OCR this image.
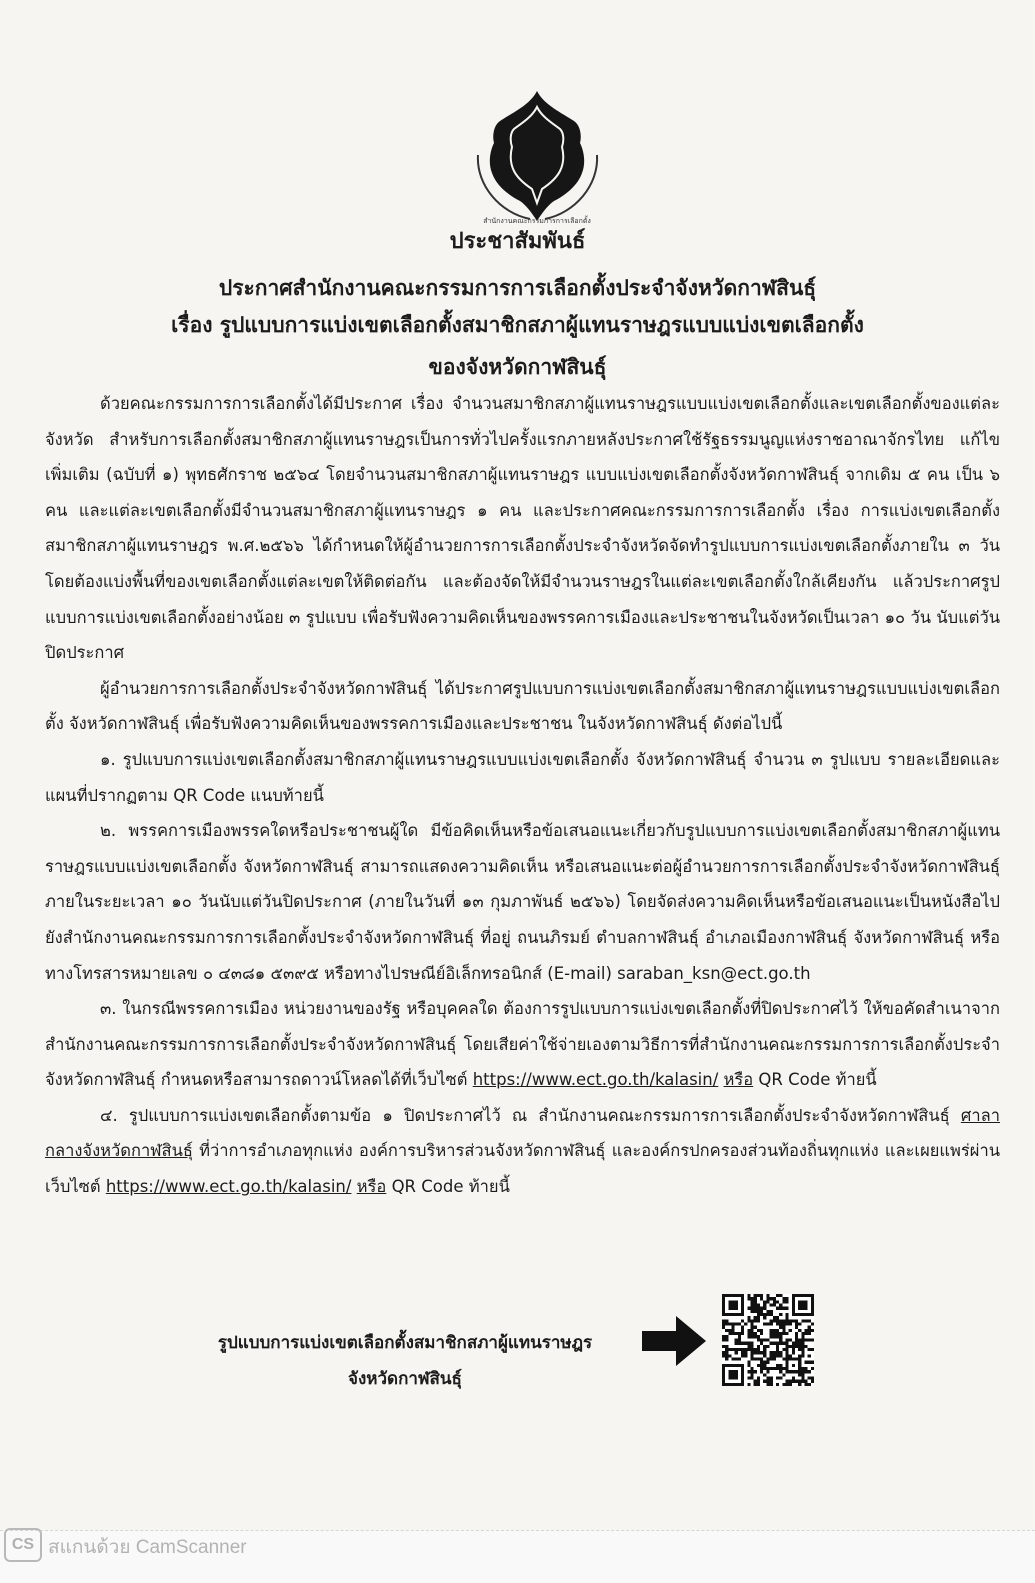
สำนักงานคณะกรรมการการเลือกตั้ง
ประชาสัมพันธ์
ประกาศสำนักงานคณะกรรมการการเลือกตั้งประจำจังหวัดกาฬสินธุ์
เรื่อง รูปแบบการแบ่งเขตเลือกตั้งสมาชิกสภาผู้แทนราษฎรแบบแบ่งเขตเลือกตั้ง
ของจังหวัดกาฬสินธุ์

ด้วยคณะกรรมการการเลือกตั้งได้มีประกาศ เรื่อง จำนวนสมาชิกสภาผู้แทนราษฎรแบบแบ่งเขตเลือกตั้งและเขตเลือกตั้งของแต่ละจังหวัด สำหรับการเลือกตั้งสมาชิกสภาผู้แทนราษฎรเป็นการทั่วไปครั้งแรกภายหลังประกาศใช้รัฐธรรมนูญแห่งราชอาณาจักรไทย แก้ไขเพิ่มเติม (ฉบับที่ ๑) พุทธศักราช ๒๕๖๔ โดยจำนวนสมาชิกสภาผู้แทนราษฎร แบบแบ่งเขตเลือกตั้งจังหวัดกาฬสินธุ์ จากเดิม ๕ คน เป็น ๖ คน และแต่ละเขตเลือกตั้งมีจำนวนสมาชิกสภาผู้แทนราษฎร ๑ คน และประกาศคณะกรรมการการเลือกตั้ง เรื่อง การแบ่งเขตเลือกตั้งสมาชิกสภาผู้แทนราษฎร พ.ศ.๒๕๖๖ ได้กำหนดให้ผู้อำนวยการการเลือกตั้งประจำจังหวัดจัดทำรูปแบบการแบ่งเขตเลือกตั้งภายใน ๓ วัน โดยต้องแบ่งพื้นที่ของเขตเลือกตั้งแต่ละเขตให้ติดต่อกัน และต้องจัดให้มีจำนวนราษฎรในแต่ละเขตเลือกตั้งใกล้เคียงกัน แล้วประกาศรูปแบบการแบ่งเขตเลือกตั้งอย่างน้อย ๓ รูปแบบ เพื่อรับฟังความคิดเห็นของพรรคการเมืองและประชาชนในจังหวัดเป็นเวลา ๑๐ วัน นับแต่วันปิดประกาศ

ผู้อำนวยการการเลือกตั้งประจำจังหวัดกาฬสินธุ์ ได้ประกาศรูปแบบการแบ่งเขตเลือกตั้งสมาชิกสภาผู้แทนราษฎรแบบแบ่งเขตเลือกตั้ง จังหวัดกาฬสินธุ์ เพื่อรับฟังความคิดเห็นของพรรคการเมืองและประชาชน ในจังหวัดกาฬสินธุ์ ดังต่อไปนี้

๑. รูปแบบการแบ่งเขตเลือกตั้งสมาชิกสภาผู้แทนราษฎรแบบแบ่งเขตเลือกตั้ง จังหวัดกาฬสินธุ์ จำนวน ๓ รูปแบบ รายละเอียดและแผนที่ปรากฏตาม QR Code แนบท้ายนี้

๒. พรรคการเมืองพรรคใดหรือประชาชนผู้ใด มีข้อคิดเห็นหรือข้อเสนอแนะเกี่ยวกับรูปแบบการแบ่งเขตเลือกตั้งสมาชิกสภาผู้แทนราษฎรแบบแบ่งเขตเลือกตั้ง จังหวัดกาฬสินธุ์ สามารถแสดงความคิดเห็น หรือเสนอแนะต่อผู้อำนวยการการเลือกตั้งประจำจังหวัดกาฬสินธุ์ ภายในระยะเวลา ๑๐ วันนับแต่วันปิดประกาศ (ภายในวันที่ ๑๓ กุมภาพันธ์ ๒๕๖๖) โดยจัดส่งความคิดเห็นหรือข้อเสนอแนะเป็นหนังสือไปยังสำนักงานคณะกรรมการการเลือกตั้งประจำจังหวัดกาฬสินธุ์ ที่อยู่ ถนนภิรมย์ ตำบลกาฬสินธุ์ อำเภอเมืองกาฬสินธุ์ จังหวัดกาฬสินธุ์ หรือทางโทรสารหมายเลข ๐ ๔๓๘๑ ๕๓๙๕ หรือทางไปรษณีย์อิเล็กทรอนิกส์ (E-mail) saraban_ksn@ect.go.th

๓. ในกรณีพรรคการเมือง หน่วยงานของรัฐ หรือบุคคลใด ต้องการรูปแบบการแบ่งเขตเลือกตั้งที่ปิดประกาศไว้ ให้ขอคัดสำเนาจากสำนักงานคณะกรรมการการเลือกตั้งประจำจังหวัดกาฬสินธุ์ โดยเสียค่าใช้จ่ายเองตามวิธีการที่สำนักงานคณะกรรมการการเลือกตั้งประจำจังหวัดกาฬสินธุ์ กำหนดหรือสามารถดาวน์โหลดได้ที่เว็บไซต์ https://www.ect.go.th/kalasin/ หรือ QR Code ท้ายนี้

๔. รูปแบบการแบ่งเขตเลือกตั้งตามข้อ ๑ ปิดประกาศไว้ ณ สำนักงานคณะกรรมการการเลือกตั้งประจำจังหวัดกาฬสินธุ์ ศาลากลางจังหวัดกาฬสินธุ์ ที่ว่าการอำเภอทุกแห่ง องค์การบริหารส่วนจังหวัดกาฬสินธุ์ และองค์กรปกครองส่วนท้องถิ่นทุกแห่ง และเผยแพร่ผ่านเว็บไซต์ https://www.ect.go.th/kalasin/ หรือ QR Code ท้ายนี้

รูปแบบการแบ่งเขตเลือกตั้งสมาชิกสภาผู้แทนราษฎร
จังหวัดกาฬสินธุ์
CS สแกนด้วย CamScanner
